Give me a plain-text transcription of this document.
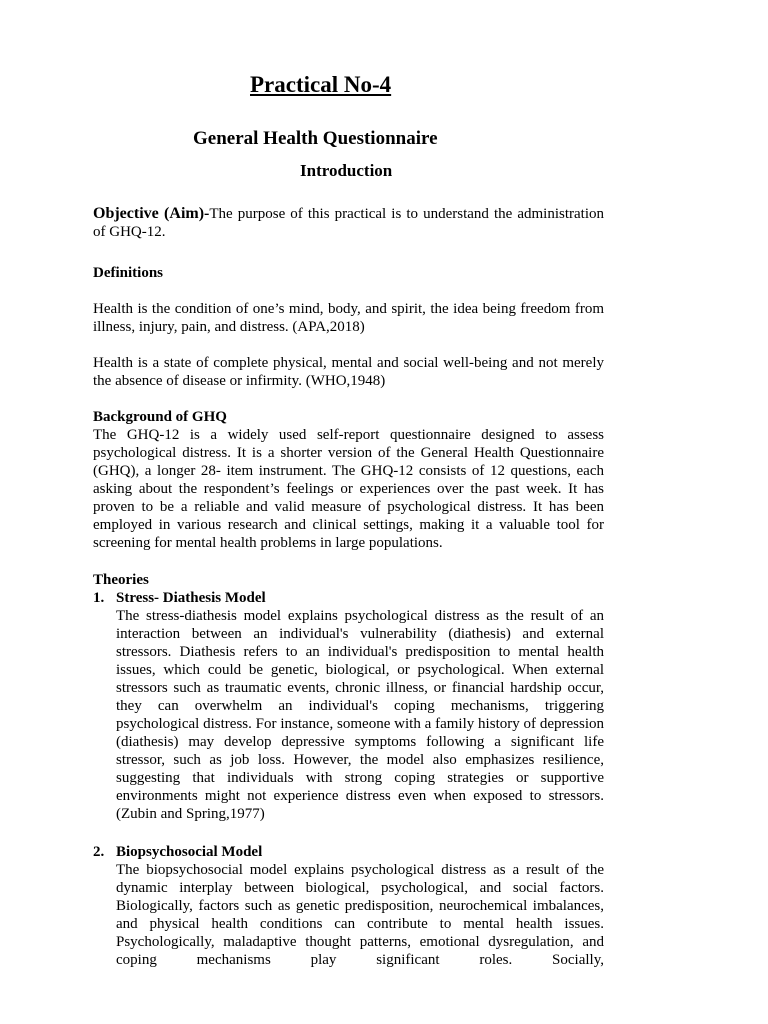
Practical No-4
General Health Questionnaire
Introduction

Objective (Aim)-The purpose of this practical is to understand the administration of GHQ-12.

Definitions

Health is the condition of one’s mind, body, and spirit, the idea being freedom from illness, injury, pain, and distress. (APA,2018)

Health is a state of complete physical, mental and social well-being and not merely the absence of disease or infirmity. (WHO,1948)

Background of GHQ

The GHQ-12 is a widely used self-report questionnaire designed to assess psychological distress. It is a shorter version of the General Health Questionnaire (GHQ), a longer 28- item instrument. The GHQ-12 consists of 12 questions, each asking about the respondent’s feelings or experiences over the past week. It has proven to be a reliable and valid measure of psychological distress. It has been employed in various research and clinical settings, making it a valuable tool for screening for mental health problems in large populations.

Theories

1. Stress- Diathesis Model

The stress-diathesis model explains psychological distress as the result of an interaction between an individual's vulnerability (diathesis) and external stressors. Diathesis refers to an individual's predisposition to mental health issues, which could be genetic, biological, or psychological. When external stressors such as traumatic events, chronic illness, or financial hardship occur, they can overwhelm an individual's coping mechanisms, triggering psychological distress. For instance, someone with a family history of depression (diathesis) may develop depressive symptoms following a significant life stressor, such as job loss. However, the model also emphasizes resilience, suggesting that individuals with strong coping strategies or supportive environments might not experience distress even when exposed to stressors.(Zubin and Spring,1977)

2. Biopsychosocial Model

The biopsychosocial model explains psychological distress as a result of the dynamic interplay between biological, psychological, and social factors. Biologically, factors such as genetic predisposition, neurochemical imbalances, and physical health conditions can contribute to mental health issues. Psychologically, maladaptive thought patterns, emotional dysregulation, and coping mechanisms play significant roles. Socially,
